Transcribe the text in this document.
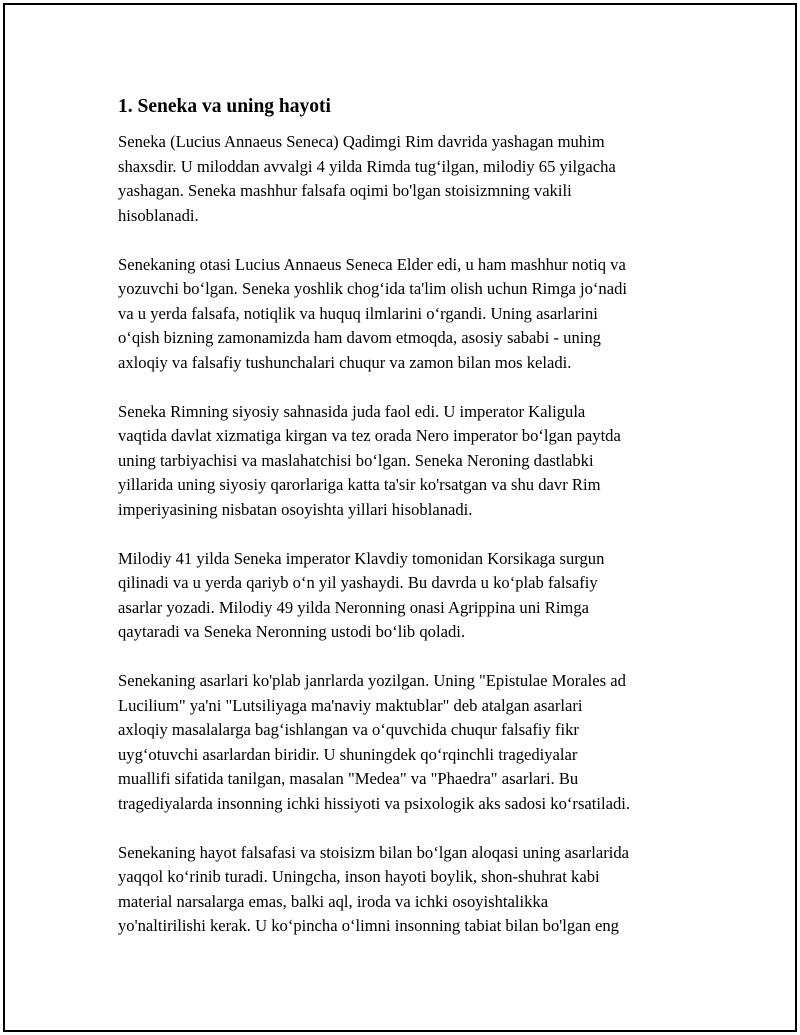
1. Seneka va uning hayoti

Seneka (Lucius Annaeus Seneca) Qadimgi Rim davrida yashagan muhim
shaxsdir. U miloddan avvalgi 4 yilda Rimda tug‘ilgan, milodiy 65 yilgacha
yashagan. Seneka mashhur falsafa oqimi bo'lgan stoisizmning vakili
hisoblanadi.

Senekaning otasi Lucius Annaeus Seneca Elder edi, u ham mashhur notiq va
yozuvchi bo‘lgan. Seneka yoshlik chog‘ida ta'lim olish uchun Rimga jo‘nadi
va u yerda falsafa, notiqlik va huquq ilmlarini o‘rgandi. Uning asarlarini
o‘qish bizning zamonamizda ham davom etmoqda, asosiy sababi - uning
axloqiy va falsafiy tushunchalari chuqur va zamon bilan mos keladi.

Seneka Rimning siyosiy sahnasida juda faol edi. U imperator Kaligula
vaqtida davlat xizmatiga kirgan va tez orada Nero imperator bo‘lgan paytda
uning tarbiyachisi va maslahatchisi bo‘lgan. Seneka Neroning dastlabki
yillarida uning siyosiy qarorlariga katta ta'sir ko'rsatgan va shu davr Rim
imperiyasining nisbatan osoyishta yillari hisoblanadi.

Milodiy 41 yilda Seneka imperator Klavdiy tomonidan Korsikaga surgun
qilinadi va u yerda qariyb o‘n yil yashaydi. Bu davrda u ko‘plab falsafiy
asarlar yozadi. Milodiy 49 yilda Neronning onasi Agrippina uni Rimga
qaytaradi va Seneka Neronning ustodi bo‘lib qoladi.

Senekaning asarlari ko'plab janrlarda yozilgan. Uning "Epistulae Morales ad
Lucilium" ya'ni "Lutsiliyaga ma'naviy maktublar" deb atalgan asarlari
axloqiy masalalarga bag‘ishlangan va o‘quvchida chuqur falsafiy fikr
uyg‘otuvchi asarlardan biridir. U shuningdek qo‘rqinchli tragediyalar
muallifi sifatida tanilgan, masalan "Medea" va "Phaedra" asarlari. Bu
tragediyalarda insonning ichki hissiyoti va psixologik aks sadosi ko‘rsatiladi.

Senekaning hayot falsafasi va stoisizm bilan bo‘lgan aloqasi uning asarlarida
yaqqol ko‘rinib turadi. Uningcha, inson hayoti boylik, shon-shuhrat kabi
material narsalarga emas, balki aql, iroda va ichki osoyishtalikka
yo'naltirilishi kerak. U ko‘pincha o‘limni insonning tabiat bilan bo'lgan eng
